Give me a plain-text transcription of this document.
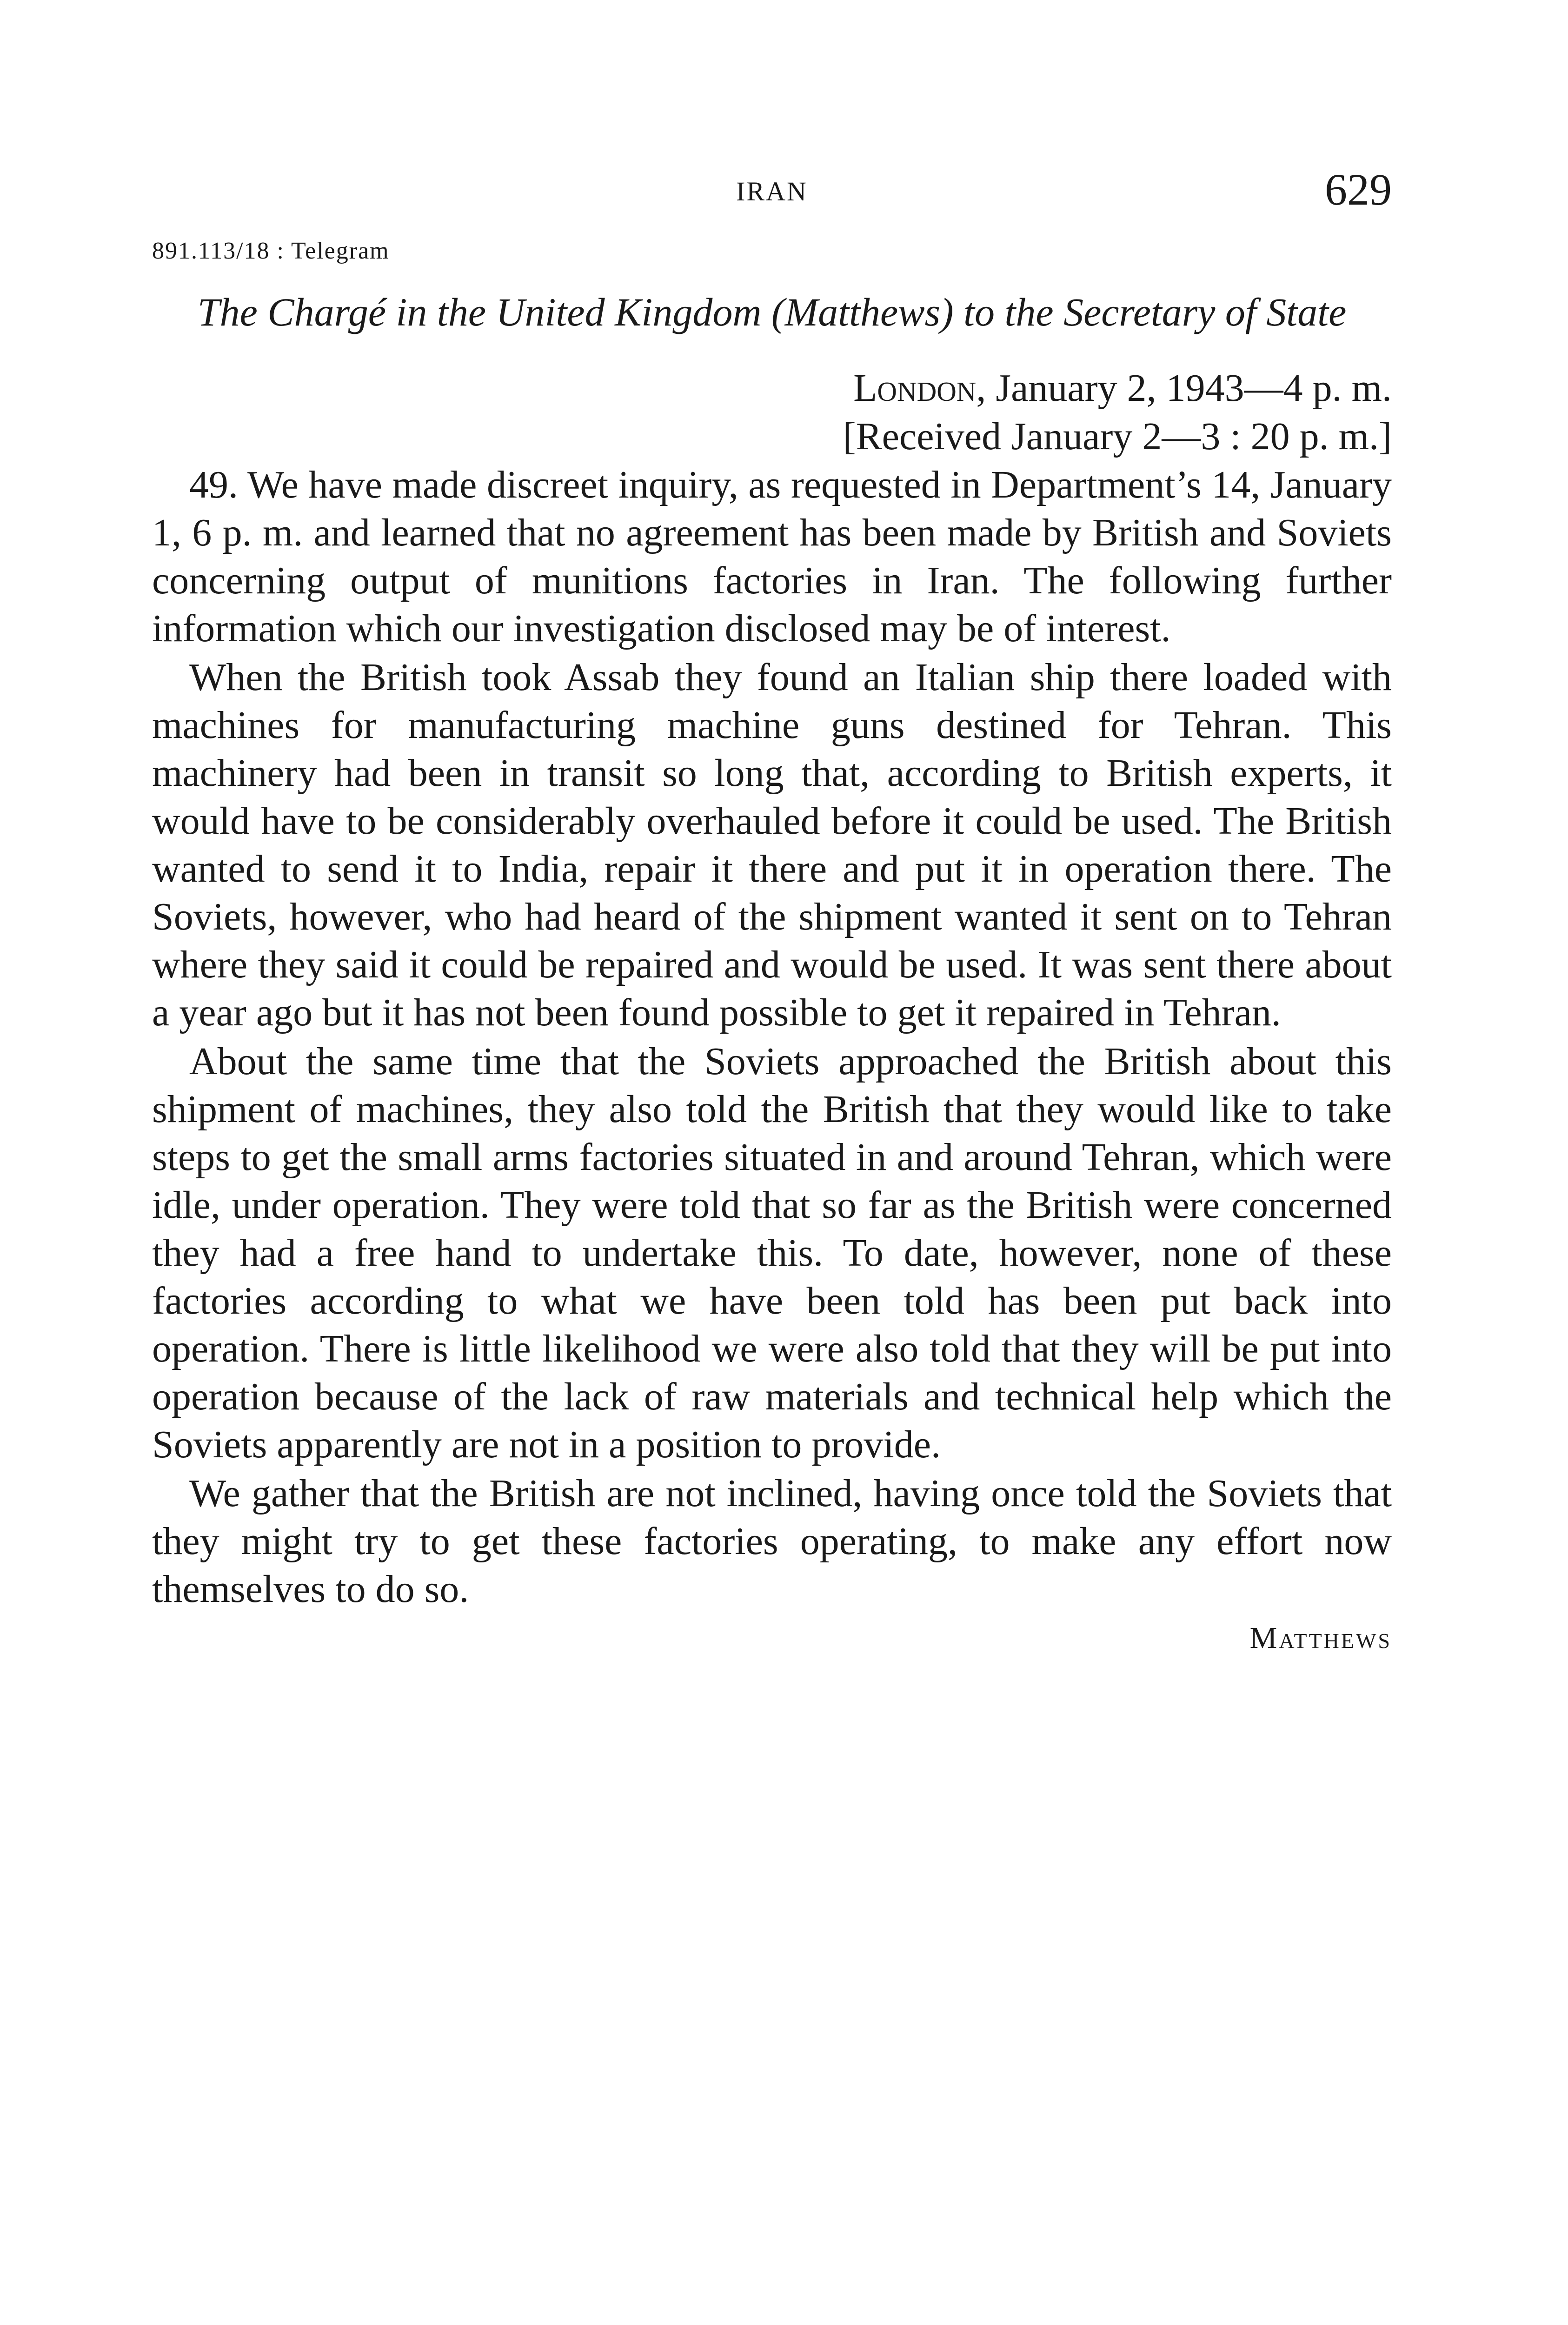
IRAN	629
891.113/18 : Telegram
The Chargé in the United Kingdom (Matthews) to the Secretary of State
London, January 2, 1943—4 p. m.
[Received January 2—3 : 20 p. m.]

49. We have made discreet inquiry, as requested in Department’s 14, January 1, 6 p. m. and learned that no agreement has been made by British and Soviets concerning output of munitions factories in Iran. The following further information which our investigation disclosed may be of interest.

When the British took Assab they found an Italian ship there loaded with machines for manufacturing machine guns destined for Tehran. This machinery had been in transit so long that, according to British experts, it would have to be considerably overhauled before it could be used. The British wanted to send it to India, repair it there and put it in operation there. The Soviets, however, who had heard of the shipment wanted it sent on to Tehran where they said it could be repaired and would be used. It was sent there about a year ago but it has not been found possible to get it repaired in Tehran.

About the same time that the Soviets approached the British about this shipment of machines, they also told the British that they would like to take steps to get the small arms factories situated in and around Tehran, which were idle, under operation. They were told that so far as the British were concerned they had a free hand to undertake this. To date, however, none of these factories according to what we have been told has been put back into operation. There is little likelihood we were also told that they will be put into operation because of the lack of raw materials and technical help which the Soviets apparently are not in a position to provide.

We gather that the British are not inclined, having once told the Soviets that they might try to get these factories operating, to make any effort now themselves to do so.

Matthews
